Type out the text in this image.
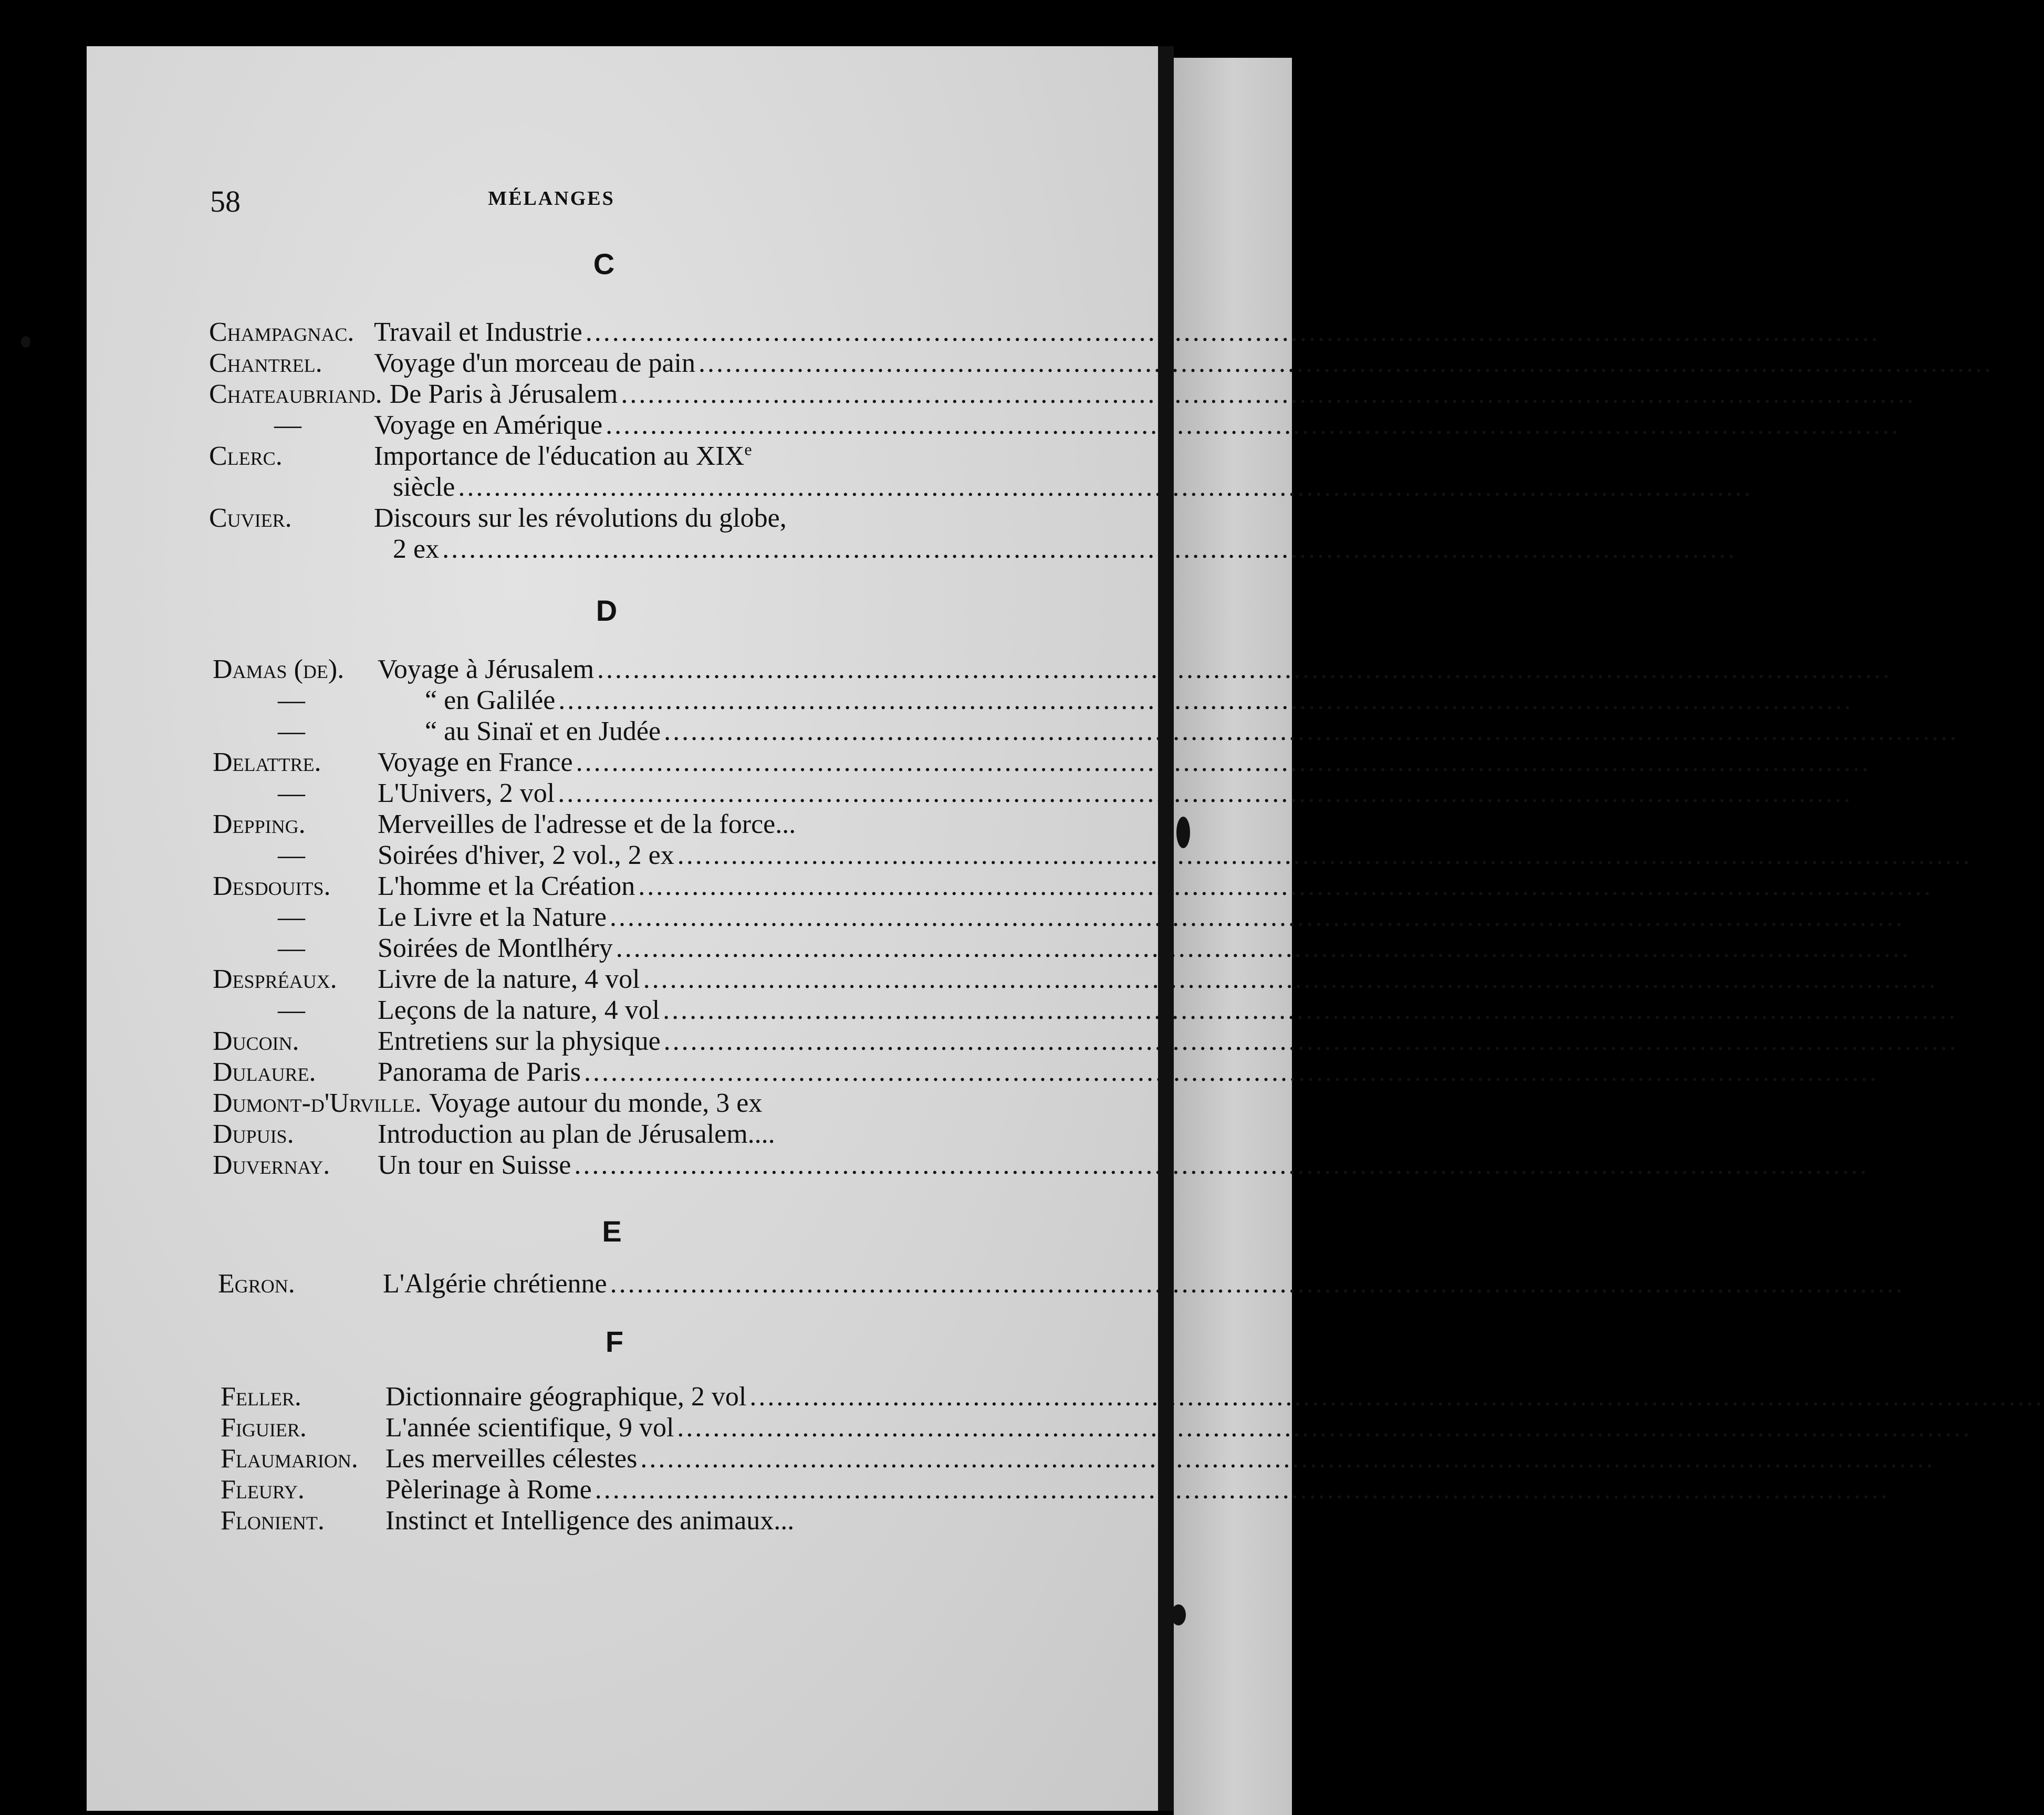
58	MÉLANGES
C
Champagnac. Travail et Industrie
.....
Chantrel.	Voyage d'un morceau de pain
.....
Chateaubriand. De Paris à Jérusalem
.....
—	Voyage en Amérique
.....
Clerc.	Importance de l'éducation au XIXe
siècle
.....
Cuvier.	Discours sur les révolutions du globe,
2 ex
.....
D
Damas (de).	Voyage à Jérusalem
.....
—	“ en Galilée
.....
—	“ au Sinaï et en Judée
.....
Delattre.	Voyage en France
.....
—	L'Univers, 2 vol
.....
Depping.	Merveilles de l'adresse et de la force...
—	Soirées d'hiver, 2 vol., 2 ex
.....
Desdouits.	L'homme et la Création
.....
—	Le Livre et la Nature
.....
—	Soirées de Montlhéry
.....
Despréaux.	Livre de la nature, 4 vol
.....
—	Leçons de la nature, 4 vol
.....
Ducoin.	Entretiens sur la physique
.....
Dulaure.	Panorama de Paris
.....
Dumont-d'Urville. Voyage autour du monde, 3 ex
Dupuis.	Introduction au plan de Jérusalem....
Duvernay.	Un tour en Suisse
.....
E
Egron.	L'Algérie chrétienne
.....
F
Feller.	Dictionnaire géographique, 2 vol
.....
Figuier.	L'année scientifique, 9 vol
.....
Flaumarion.	Les merveilles célestes
.....
Fleury.	Pèlerinage à Rome
.....
Flonient.	Instinct et Intelligence des animaux...
